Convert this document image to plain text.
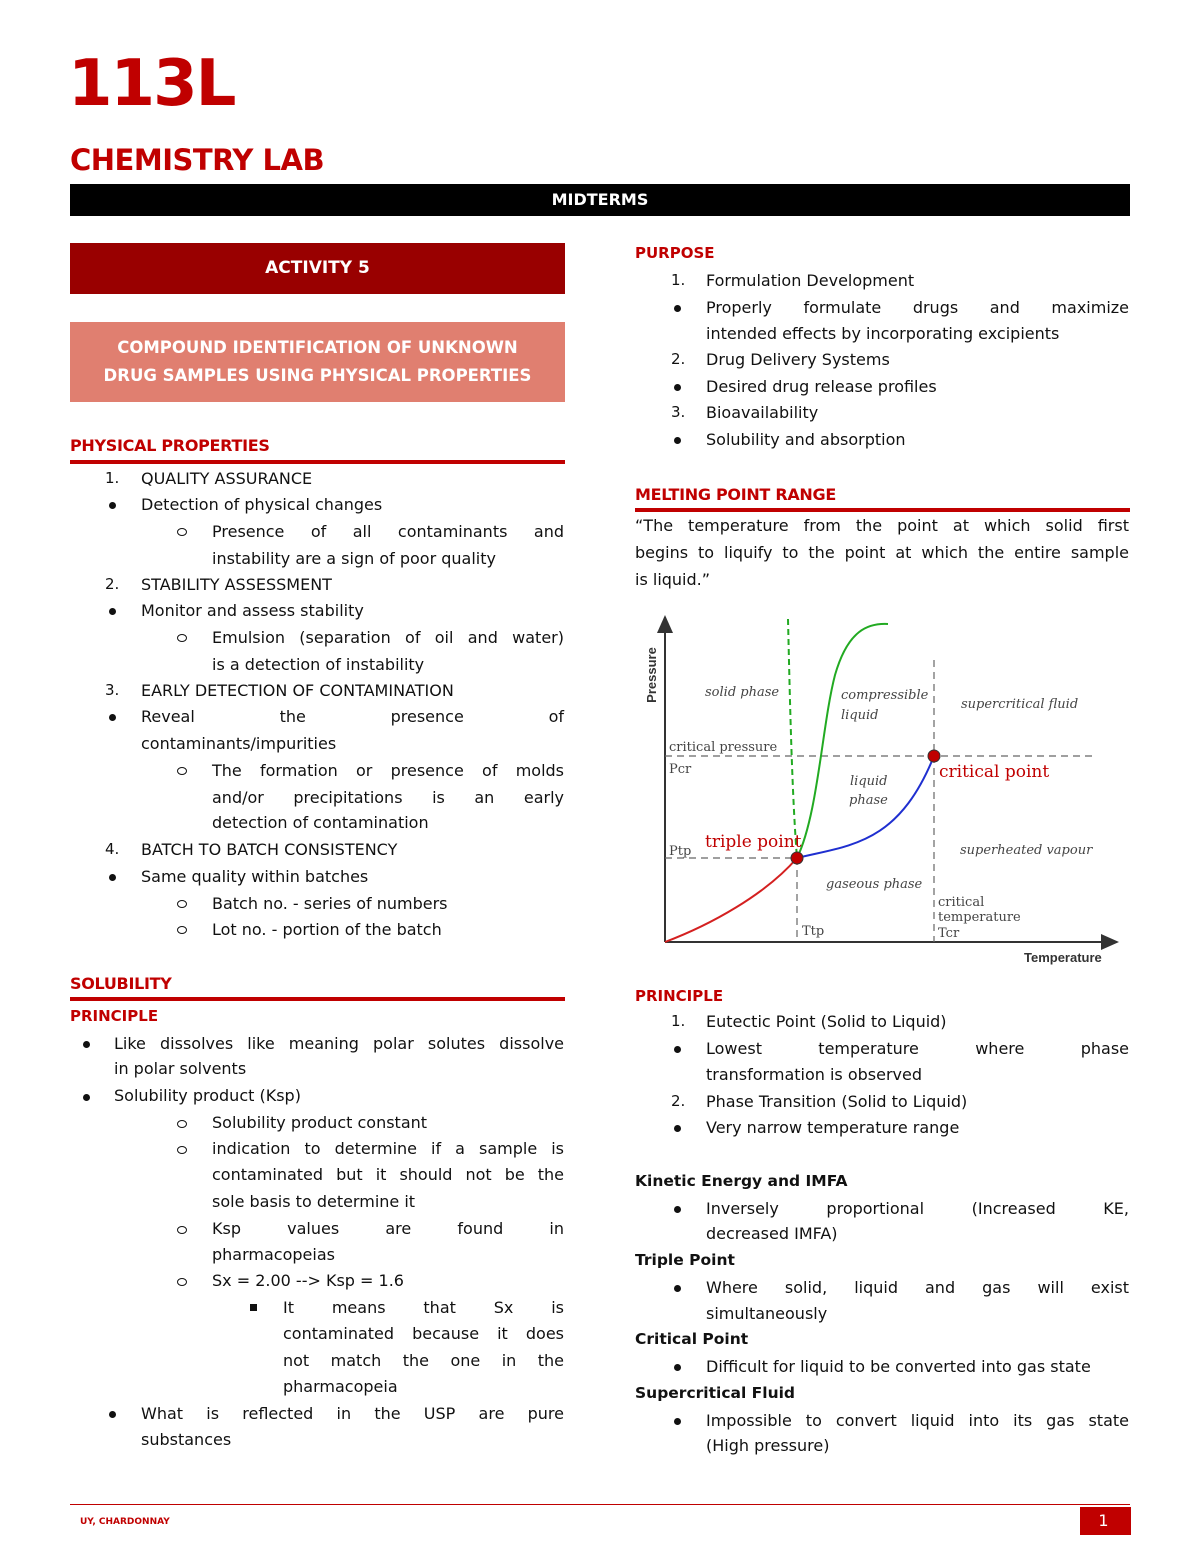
113L
CHEMISTRY LAB
MIDTERMS
ACTIVITY 5
COMPOUND IDENTIFICATION OF UNKNOWN
DRUG SAMPLES USING PHYSICAL PROPERTIES
PHYSICAL PROPERTIES
1. QUALITY ASSURANCE
Detection of physical changes
Presence of all contaminants and
instability are a sign of poor quality
2. STABILITY ASSESSMENT
Monitor and assess stability
Emulsion (separation of oil and water)
is a detection of instability
3. EARLY DETECTION OF CONTAMINATION
Reveal the presence of
contaminants/impurities
The formation or presence of molds
and/or precipitations is an early
detection of contamination
4. BATCH TO BATCH CONSISTENCY
Same quality within batches
Batch no. - series of numbers
Lot no. - portion of the batch
SOLUBILITY
PRINCIPLE
Like dissolves like meaning polar solutes dissolve
in polar solvents
Solubility product (Ksp)
Solubility product constant
indication to determine if a sample is
contaminated but it should not be the
sole basis to determine it
Ksp values are found in
pharmacopeias
Sx = 2.00 --> Ksp = 1.6
It means that Sx is
contaminated because it does
not match the one in the
pharmacopeia
What is reflected in the USP are pure
substances
PURPOSE
1. Formulation Development
Properly formulate drugs and maximize
intended effects by incorporating excipients
2. Drug Delivery Systems
Desired drug release profiles
3. Bioavailability
Solubility and absorption
MELTING POINT RANGE
“The temperature from the point at which solid first
begins to liquify to the point at which the entire sample
is liquid.”
Pressure
Temperature
solid phase	compressible
liquid
supercritical fluid
liquid
phase
superheated vapour
gaseous phase
critical pressure
Pcr
Ptp
critical
temperature
Tcr
Ttp
critical point
triple point
PRINCIPLE
1. Eutectic Point (Solid to Liquid)
Lowest temperature where phase
transformation is observed
2. Phase Transition (Solid to Liquid)
Very narrow temperature range
Kinetic Energy and IMFA
Inversely proportional (Increased KE,
decreased IMFA)
Triple Point
Where solid, liquid and gas will exist
simultaneously
Critical Point
Difficult for liquid to be converted into gas state
Supercritical Fluid
Impossible to convert liquid into its gas state
(High pressure)
UY, CHARDONNAY	1
